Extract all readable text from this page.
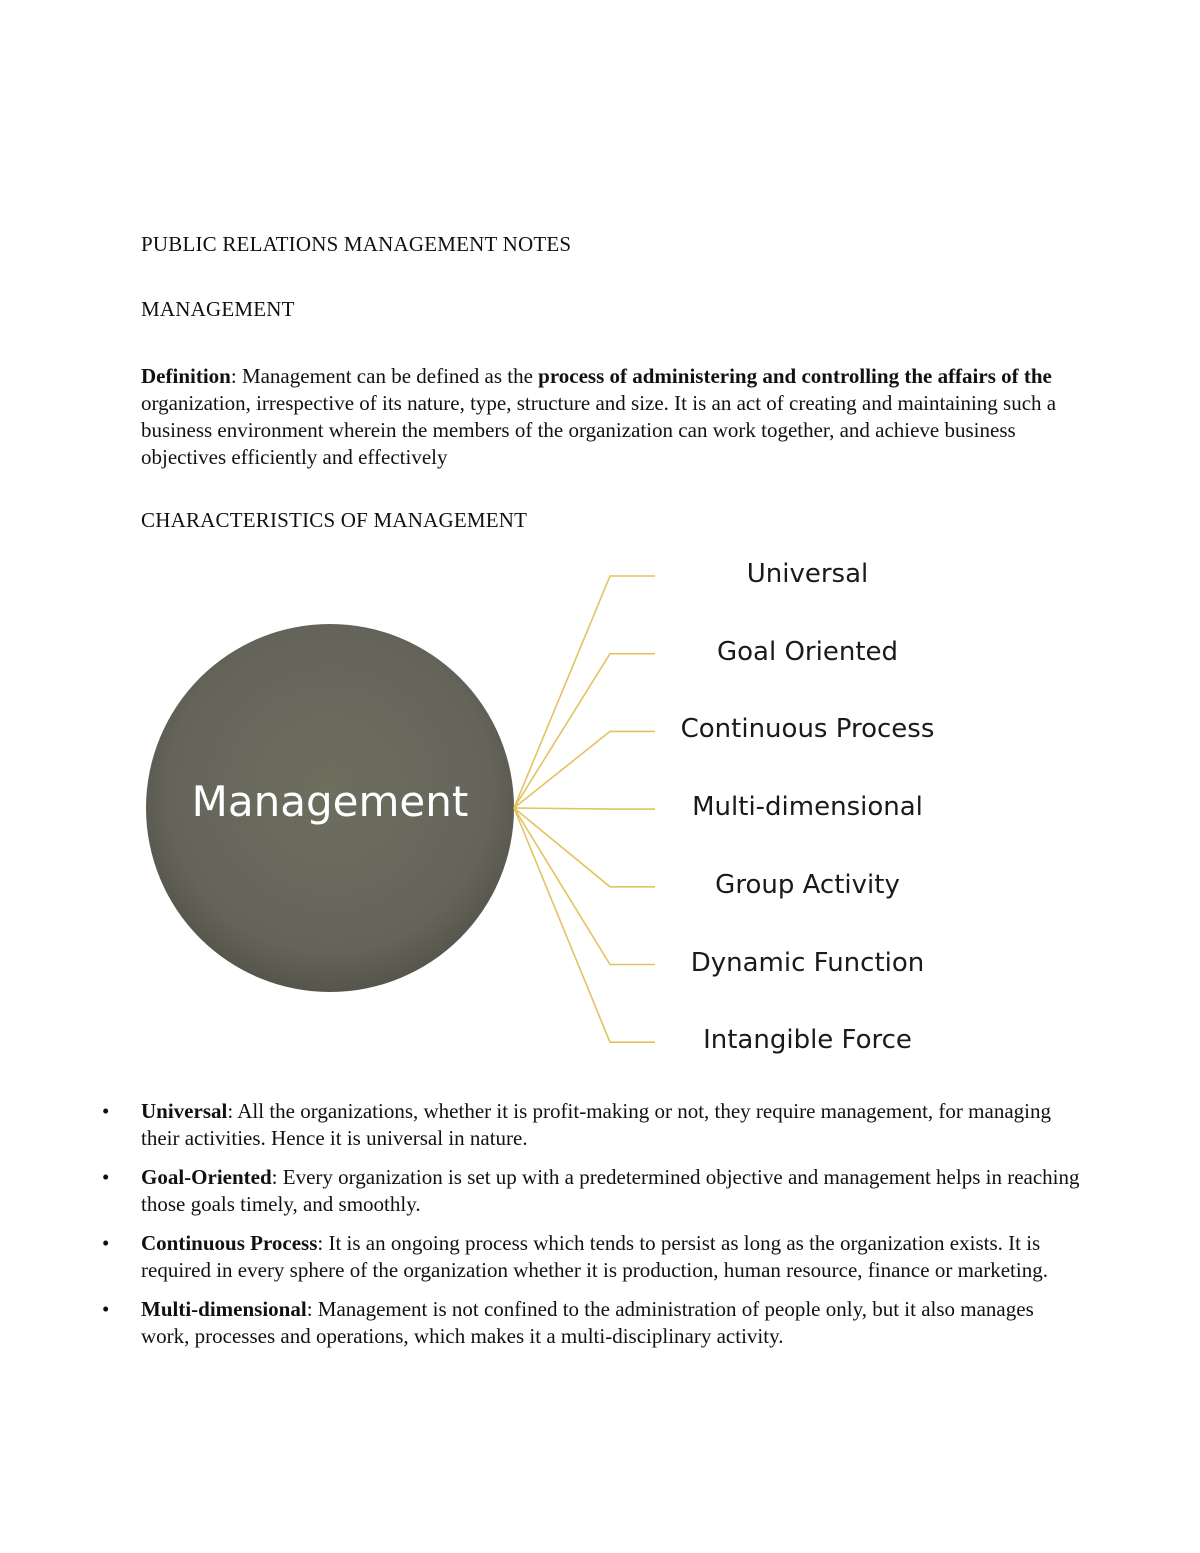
PUBLIC RELATIONS MANAGEMENT NOTES
MANAGEMENT

Definition: Management can be defined as the process of administering and controlling the affairs of the organization, irrespective of its nature, type, structure and size. It is an act of creating and maintaining such a business environment wherein the members of the organization can work together, and achieve business objectives efficiently and effectively

CHARACTERISTICS OF MANAGEMENT
Management
Universal
Goal Oriented
Continuous Process
Multi-dimensional
Group Activity
Dynamic Function
Intangible Force
• Universal: All the organizations, whether it is profit-making or not, they require management, for managing their activities. Hence it is universal in nature.
• Goal-Oriented: Every organization is set up with a predetermined objective and management helps in reaching those goals timely, and smoothly.
• Continuous Process: It is an ongoing process which tends to persist as long as the organization exists. It is required in every sphere of the organization whether it is production, human resource, finance or marketing.
• Multi-dimensional: Management is not confined to the administration of people only, but it also manages work, processes and operations, which makes it a multi-disciplinary activity.
